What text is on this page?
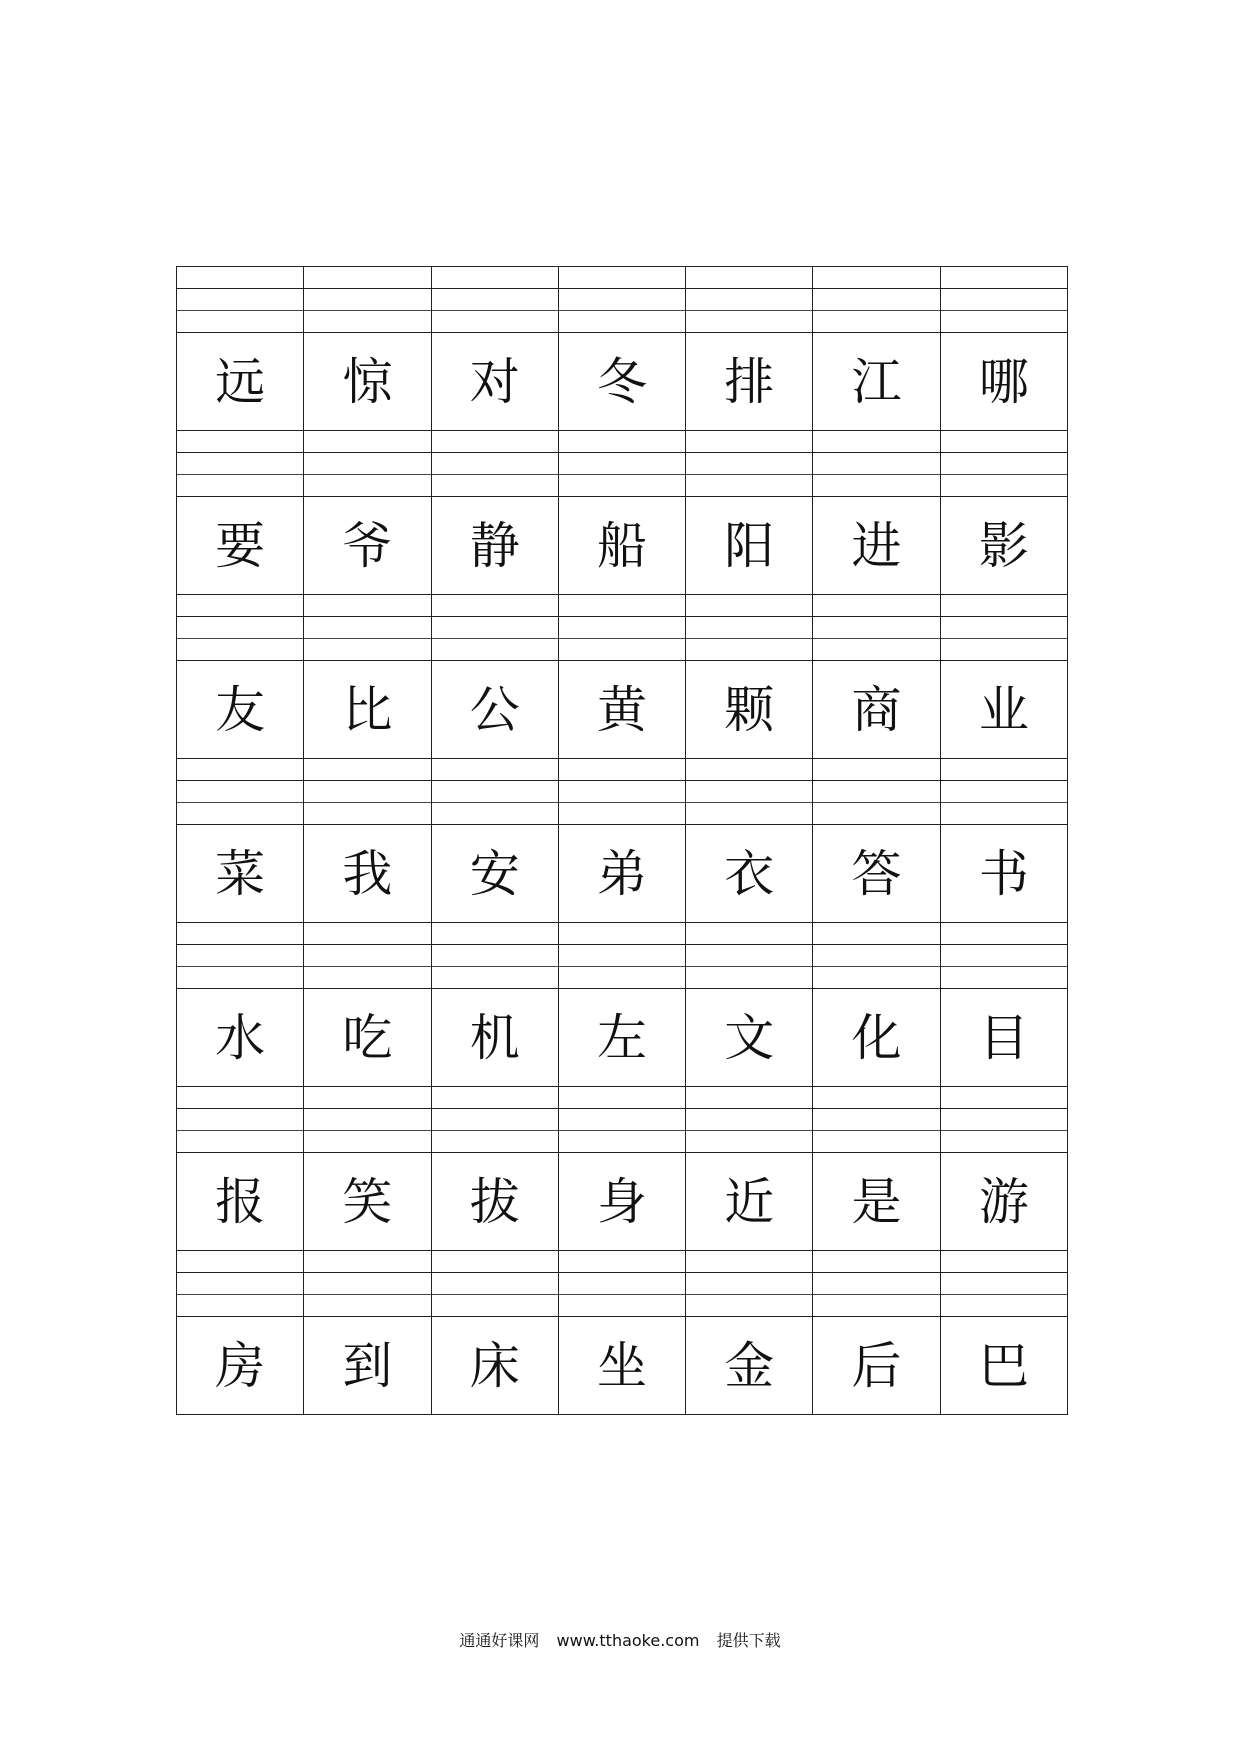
远	惊	对	冬	排	江	哪
要	爷	静	船	阳	进	影
友	比	公	黄	颗	商	业
菜	我	安	弟	衣	答	书
水	吃	机	左	文	化	目
报	笑	拔	身	近	是	游
房	到	床	坐	金	后	巴
通通好课网 www.tthaoke.com 提供下载
